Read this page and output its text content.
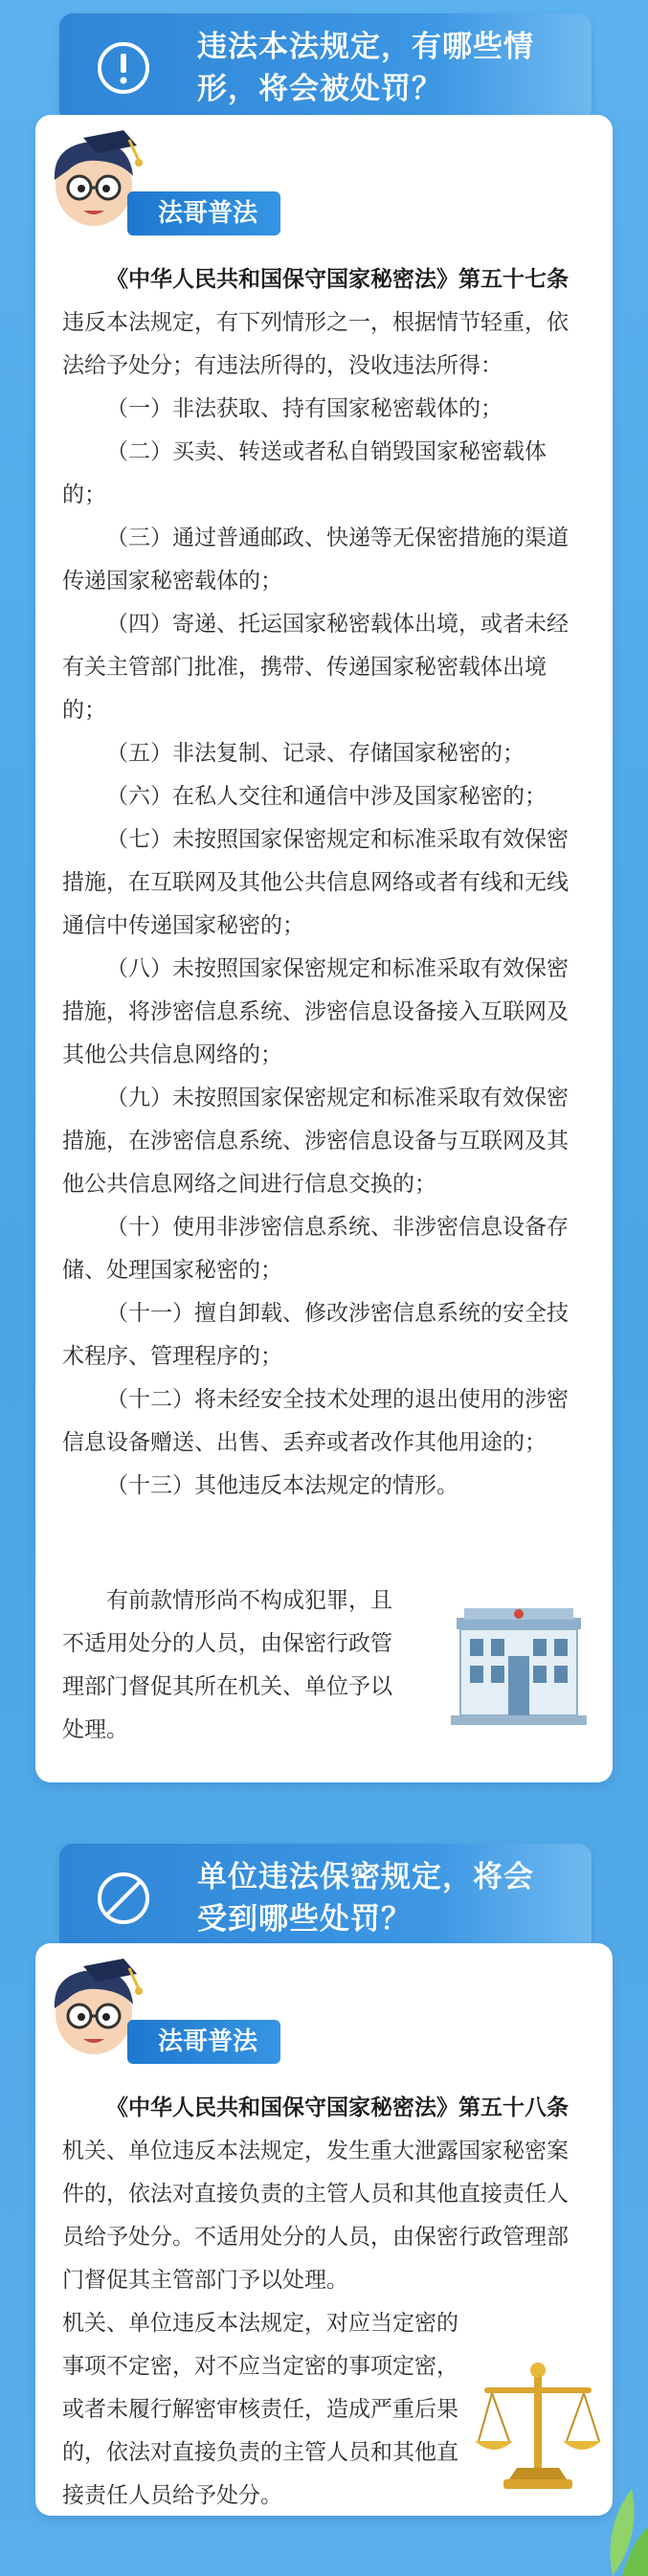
违法本法规定，有哪些情形，将会被处罚？
法哥普法

《中华人民共和国保守国家秘密法》第五十七条违反本法规定，有下列情形之一，根据情节轻重，依法给予处分；有违法所得的，没收违法所得：

（一）非法获取、持有国家秘密载体的；

（二）买卖、转送或者私自销毁国家秘密载体的；

（三）通过普通邮政、快递等无保密措施的渠道传递国家秘密载体的；

（四）寄递、托运国家秘密载体出境，或者未经有关主管部门批准，携带、传递国家秘密载体出境的；

（五）非法复制、记录、存储国家秘密的；

（六）在私人交往和通信中涉及国家秘密的；

（七）未按照国家保密规定和标准采取有效保密措施，在互联网及其他公共信息网络或者有线和无线通信中传递国家秘密的；

（八）未按照国家保密规定和标准采取有效保密措施，将涉密信息系统、涉密信息设备接入互联网及其他公共信息网络的；

（九）未按照国家保密规定和标准采取有效保密措施，在涉密信息系统、涉密信息设备与互联网及其他公共信息网络之间进行信息交换的；

（十）使用非涉密信息系统、非涉密信息设备存储、处理国家秘密的；

（十一）擅自卸载、修改涉密信息系统的安全技术程序、管理程序的；

（十二）将未经安全技术处理的退出使用的涉密信息设备赠送、出售、丢弃或者改作其他用途的；

（十三）其他违反本法规定的情形。

有前款情形尚不构成犯罪，且不适用处分的人员，由保密行政管理部门督促其所在机关、单位予以处理。

单位违法保密规定，将会受到哪些处罚？
法哥普法

《中华人民共和国保守国家秘密法》第五十八条机关、单位违反本法规定，发生重大泄露国家秘密案件的，依法对直接负责的主管人员和其他直接责任人员给予处分。不适用处分的人员，由保密行政管理部门督促其主管部门予以处理。

机关、单位违反本法规定，对应当定密的事项不定密，对不应当定密的事项定密，或者未履行解密审核责任，造成严重后果的，依法对直接负责的主管人员和其他直接责任人员给予处分。
